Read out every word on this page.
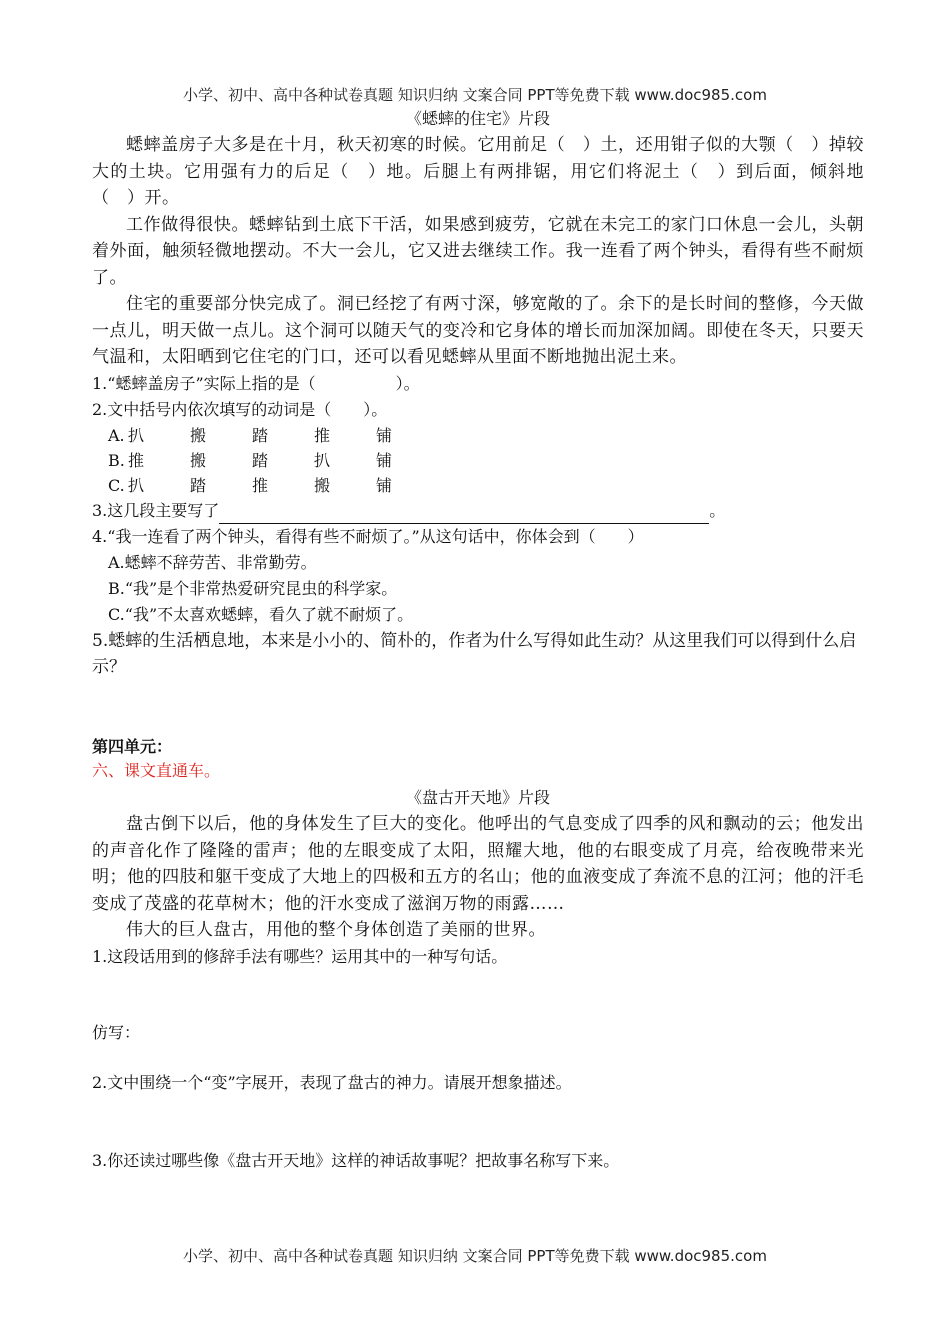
小学、初中、高中各种试卷真题 知识归纳 文案合同 PPT等免费下载 www.doc985.com
《蟋蟀的住宅》片段

蟋蟀盖房子大多是在十月，秋天初寒的时候。它用前足（　）土，还用钳子似的大颚（　）掉较大的土块。它用强有力的后足（　）地。后腿上有两排锯，用它们将泥土（　）到后面，倾斜地（　）开。

工作做得很快。蟋蟀钻到土底下干活，如果感到疲劳，它就在未完工的家门口休息一会儿，头朝着外面，触须轻微地摆动。不大一会儿，它又进去继续工作。我一连看了两个钟头，看得有些不耐烦了。

住宅的重要部分快完成了。洞已经挖了有两寸深，够宽敞的了。余下的是长时间的整修，今天做一点儿，明天做一点儿。这个洞可以随天气的变冷和它身体的增长而加深加阔。即使在冬天，只要天气温和，太阳晒到它住宅的门口，还可以看见蟋蟀从里面不断地抛出泥土来。

1.“蟋蟀盖房子”实际上指的是（　　　　　）。

2.文中括号内依次填写的动词是（　　）。

A. 扒	搬	踏	推	铺
B. 推	搬	踏	扒	铺
C. 扒	踏	推	搬	铺

3.这几段主要写了	。

4.“我一连看了两个钟头，看得有些不耐烦了。”从这句话中，你体会到（　　）

A.蟋蟀不辞劳苦、非常勤劳。

B.“我”是个非常热爱研究昆虫的科学家。

C.“我”不太喜欢蟋蟀，看久了就不耐烦了。

5.蟋蟀的生活栖息地，本来是小小的、简朴的，作者为什么写得如此生动？从这里我们可以得到什么启示？

第四单元：
六、课文直通车。
《盘古开天地》片段

盘古倒下以后，他的身体发生了巨大的变化。他呼出的气息变成了四季的风和飘动的云；他发出的声音化作了隆隆的雷声；他的左眼变成了太阳，照耀大地，他的右眼变成了月亮，给夜晚带来光明；他的四肢和躯干变成了大地上的四极和五方的名山；他的血液变成了奔流不息的江河；他的汗毛变成了茂盛的花草树木；他的汗水变成了滋润万物的雨露……

伟大的巨人盘古，用他的整个身体创造了美丽的世界。

1.这段话用到的修辞手法有哪些？运用其中的一种写句话。

仿写：

2.文中围绕一个“变”字展开，表现了盘古的神力。请展开想象描述。

3.你还读过哪些像《盘古开天地》这样的神话故事呢？把故事名称写下来。

小学、初中、高中各种试卷真题 知识归纳 文案合同 PPT等免费下载 www.doc985.com
